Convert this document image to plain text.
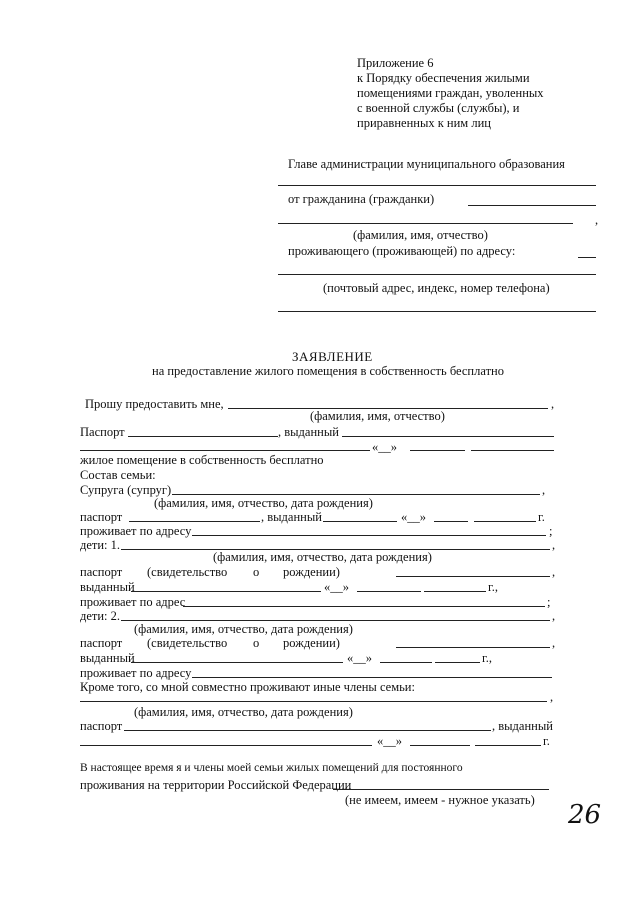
Приложение 6
к Порядку обеспечения жилыми
помещениями граждан, уволенных
с военной службы (службы), и
приравненных к ним лиц
Главе администрации муниципального образования
от гражданина (гражданки)
,
(фамилия, имя, отчество)
проживающего (проживающей) по адресу:
(почтовый адрес, индекс, номер телефона)
ЗАЯВЛЕНИЕ
на предоставление жилого помещения в собственность бесплатно
Прошу предоставить мне,	,
(фамилия, имя, отчество)
Паспорт	, выданный
«__»
жилое помещение в собственность бесплатно
Состав семьи:
Супруга (супруг)	,
(фамилия, имя, отчество, дата рождения)
паспорт	, выданный	«__»	г.
проживает по адресу	;
дети: 1.	,
(фамилия, имя, отчество, дата рождения)
паспорт (свидетельство о рождении)	,
выданный	«__»	г.,
проживает по адрес	;
дети: 2.	,
(фамилия, имя, отчество, дата рождения)
паспорт (свидетельство о рождении)	,
выданный	«__»	г.,
проживает по адресу
Кроме того, со мной совместно проживают иные члены семьи:
,
(фамилия, имя, отчество, дата рождения)
паспорт	, выданный
«__»	г.
В настоящее время я и члены моей семьи жилых помещений для постоянного
проживания на территории Российской Федерации
(не имеем, имеем - нужное указать) 26
